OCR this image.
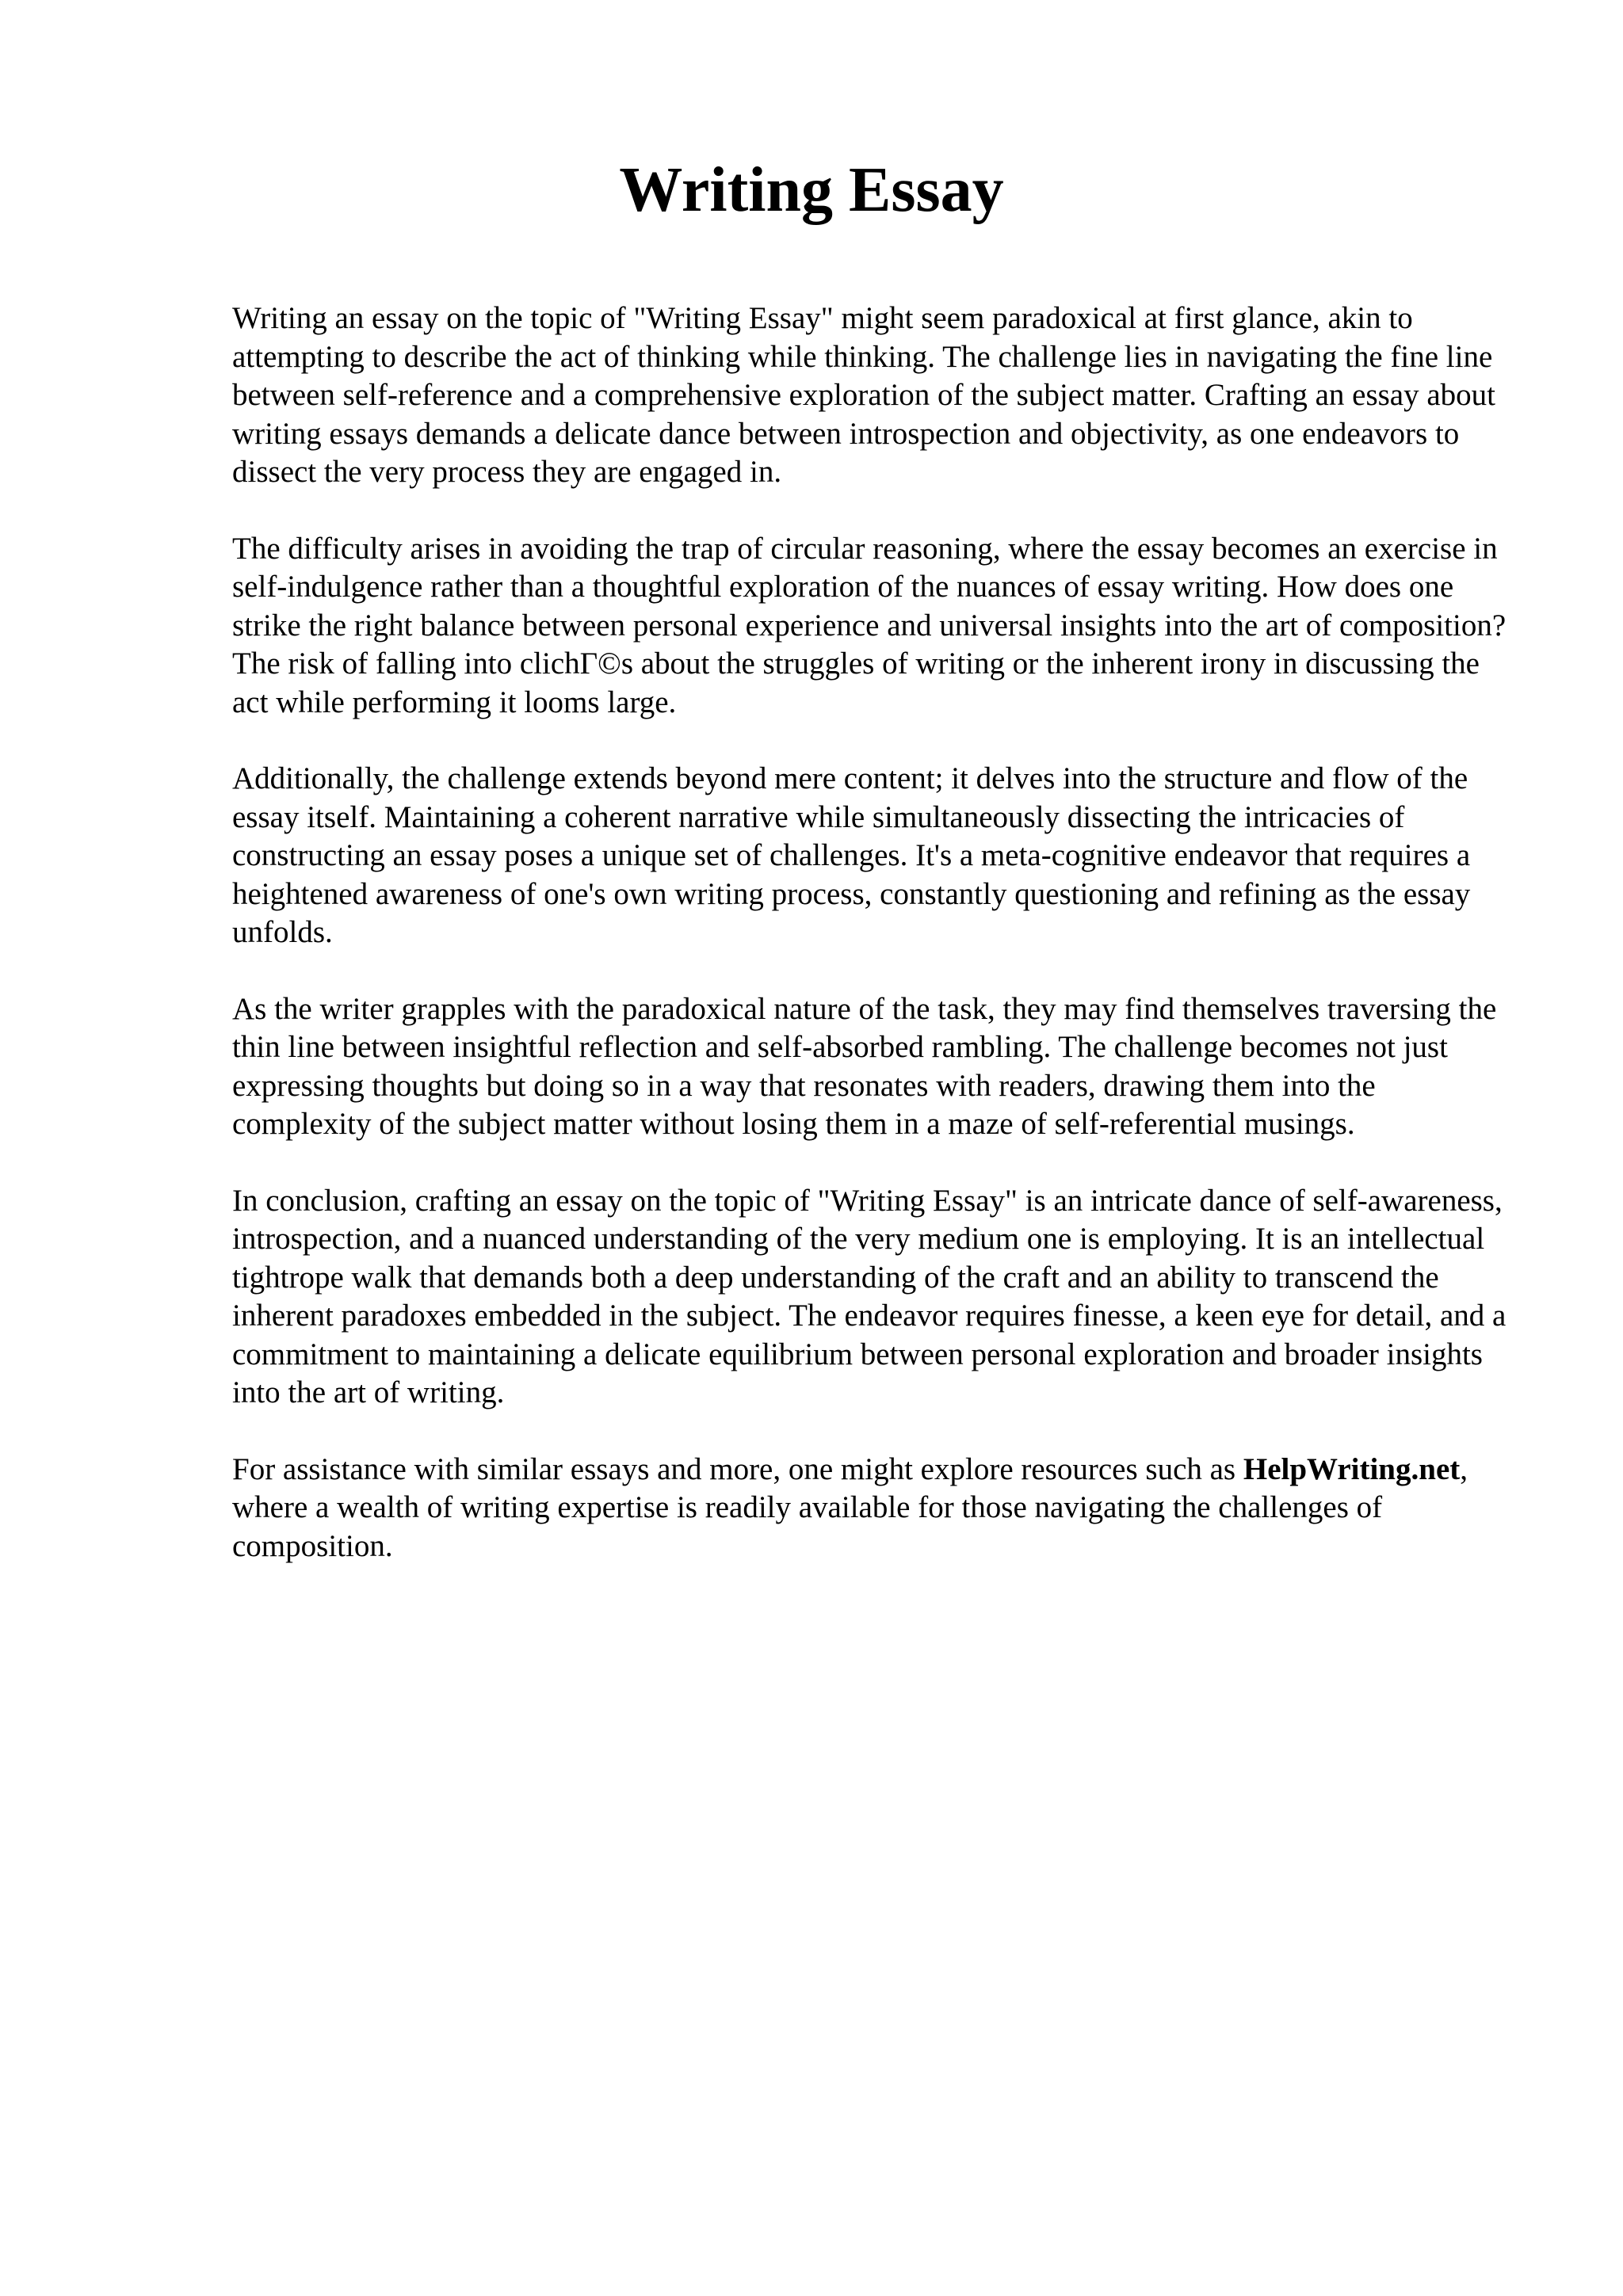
Writing Essay

Writing an essay on the topic of "Writing Essay" might seem paradoxical at first glance, akin to attempting to describe the act of thinking while thinking. The challenge lies in navigating the fine line between self-reference and a comprehensive exploration of the subject matter. Crafting an essay about writing essays demands a delicate dance between introspection and objectivity, as one endeavors to dissect the very process they are engaged in.

The difficulty arises in avoiding the trap of circular reasoning, where the essay becomes an exercise in self-indulgence rather than a thoughtful exploration of the nuances of essay writing. How does one strike the right balance between personal experience and universal insights into the art of composition? The risk of falling into clichΓ©s about the struggles of writing or the inherent irony in discussing the act while performing it looms large.

Additionally, the challenge extends beyond mere content; it delves into the structure and flow of the essay itself. Maintaining a coherent narrative while simultaneously dissecting the intricacies of constructing an essay poses a unique set of challenges. It's a meta-cognitive endeavor that requires a heightened awareness of one's own writing process, constantly questioning and refining as the essay unfolds.

As the writer grapples with the paradoxical nature of the task, they may find themselves traversing the thin line between insightful reflection and self-absorbed rambling. The challenge becomes not just expressing thoughts but doing so in a way that resonates with readers, drawing them into the complexity of the subject matter without losing them in a maze of self-referential musings.

In conclusion, crafting an essay on the topic of "Writing Essay" is an intricate dance of self-awareness, introspection, and a nuanced understanding of the very medium one is employing. It is an intellectual tightrope walk that demands both a deep understanding of the craft and an ability to transcend the inherent paradoxes embedded in the subject. The endeavor requires finesse, a keen eye for detail, and a commitment to maintaining a delicate equilibrium between personal exploration and broader insights into the art of writing.

For assistance with similar essays and more, one might explore resources such as HelpWriting.net, where a wealth of writing expertise is readily available for those navigating the challenges of composition.
